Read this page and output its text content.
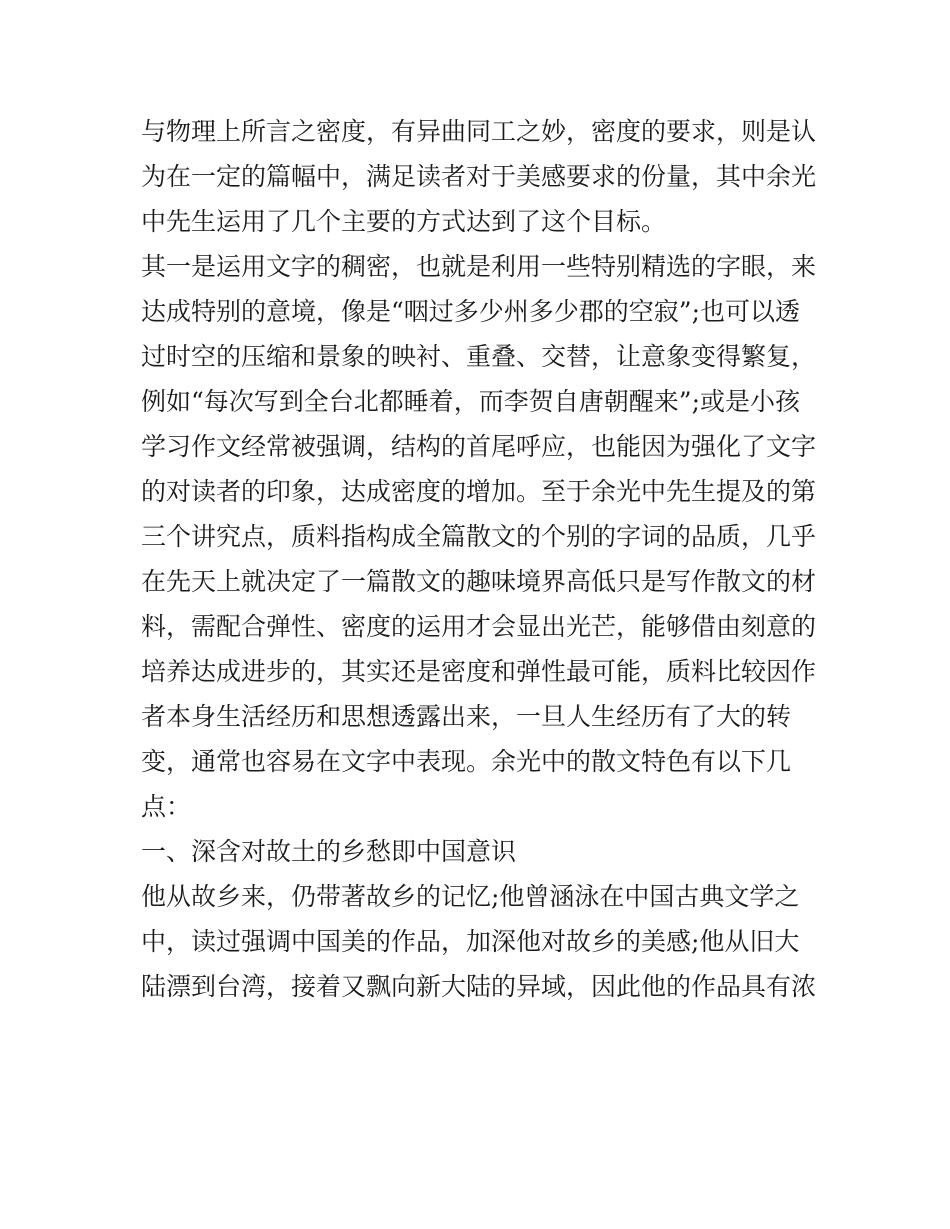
与物理上所言之密度，有异曲同工之妙，密度的要求，则是认
为在一定的篇幅中，满足读者对于美感要求的份量，其中余光
中先生运用了几个主要的方式达到了这个目标。
其一是运用文字的稠密，也就是利用一些特别精选的字眼，来
达成特别的意境，像是“咽过多少州多少郡的空寂”;也可以透
过时空的压缩和景象的映衬、重叠、交替，让意象变得繁复，
例如“每次写到全台北都睡着，而李贺自唐朝醒来”;或是小孩
学习作文经常被强调，结构的首尾呼应，也能因为强化了文字
的对读者的印象，达成密度的增加。至于余光中先生提及的第
三个讲究点，质料指构成全篇散文的个别的字词的品质，几乎
在先天上就决定了一篇散文的趣味境界高低只是写作散文的材
料，需配合弹性、密度的运用才会显出光芒，能够借由刻意的
培养达成进步的，其实还是密度和弹性最可能，质料比较因作
者本身生活经历和思想透露出来，一旦人生经历有了大的转
变，通常也容易在文字中表现。余光中的散文特色有以下几
点：
一、深含对故土的乡愁即中国意识
他从故乡来，仍带著故乡的记忆;他曾涵泳在中国古典文学之
中，读过强调中国美的作品，加深他对故乡的美感;他从旧大
陆漂到台湾，接着又飘向新大陆的异域，因此他的作品具有浓
